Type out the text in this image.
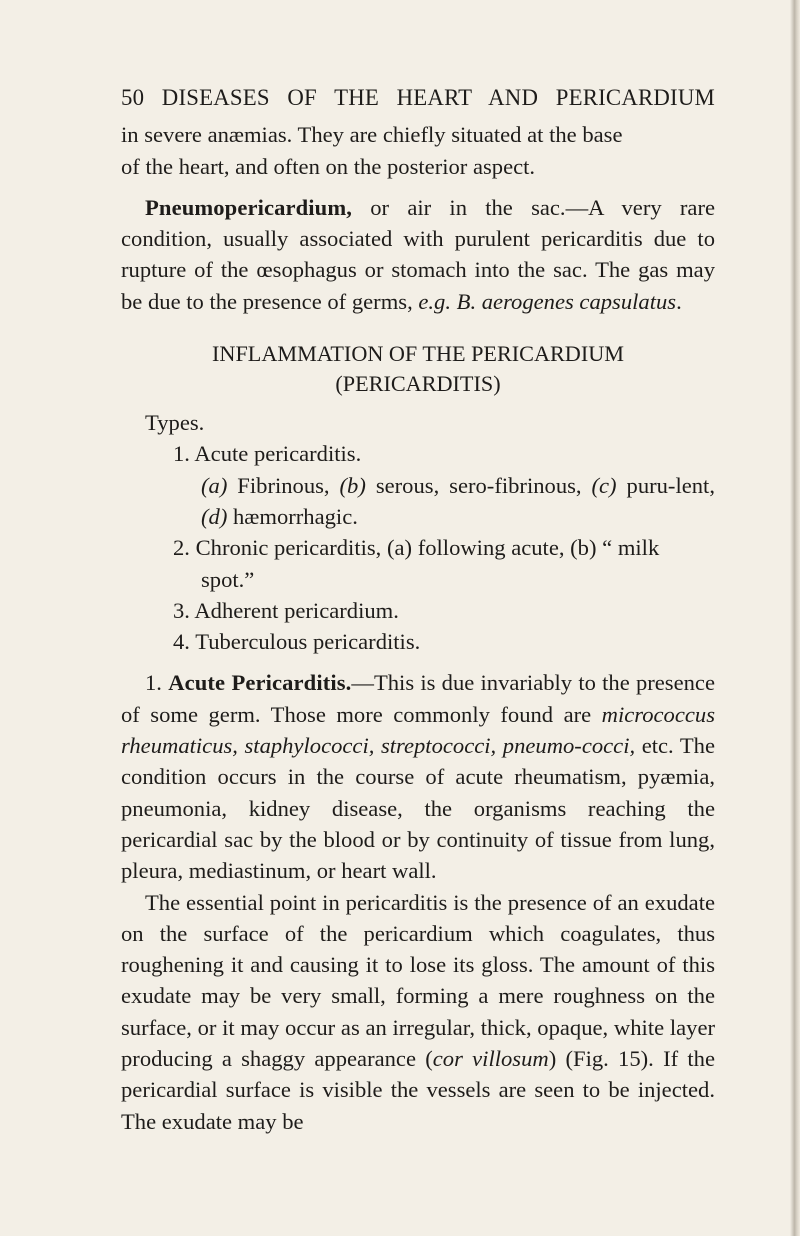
50 DISEASES OF THE HEART AND PERICARDIUM

in severe anæmias. They are chiefly situated at the base
of the heart, and often on the posterior aspect.

Pneumopericardium, or air in the sac.—A very rare condition, usually associated with purulent pericarditis due to rupture of the œsophagus or stomach into the sac. The gas may be due to the presence of germs, e.g. B. aerogenes capsulatus.

INFLAMMATION OF THE PERICARDIUM
(PERICARDITIS)
Types.
1. Acute pericarditis.

(a) Fibrinous, (b) serous, sero-fibrinous, (c) puru-lent, (d) hæmorrhagic.

2. Chronic pericarditis, (a) following acute, (b) “ milk spot.”
3. Adherent pericardium.
4. Tuberculous pericarditis.

1. Acute Pericarditis.—This is due invariably to the presence of some germ. Those more commonly found are micrococcus rheumaticus, staphylococci, streptococci, pneumo-cocci, etc. The condition occurs in the course of acute rheumatism, pyæmia, pneumonia, kidney disease, the organisms reaching the pericardial sac by the blood or by continuity of tissue from lung, pleura, mediastinum, or heart wall.

The essential point in pericarditis is the presence of an exudate on the surface of the pericardium which coagulates, thus roughening it and causing it to lose its gloss. The amount of this exudate may be very small, forming a mere roughness on the surface, or it may occur as an irregular, thick, opaque, white layer producing a shaggy appearance (cor villosum) (Fig. 15). If the pericardial surface is visible the vessels are seen to be injected. The exudate may be
